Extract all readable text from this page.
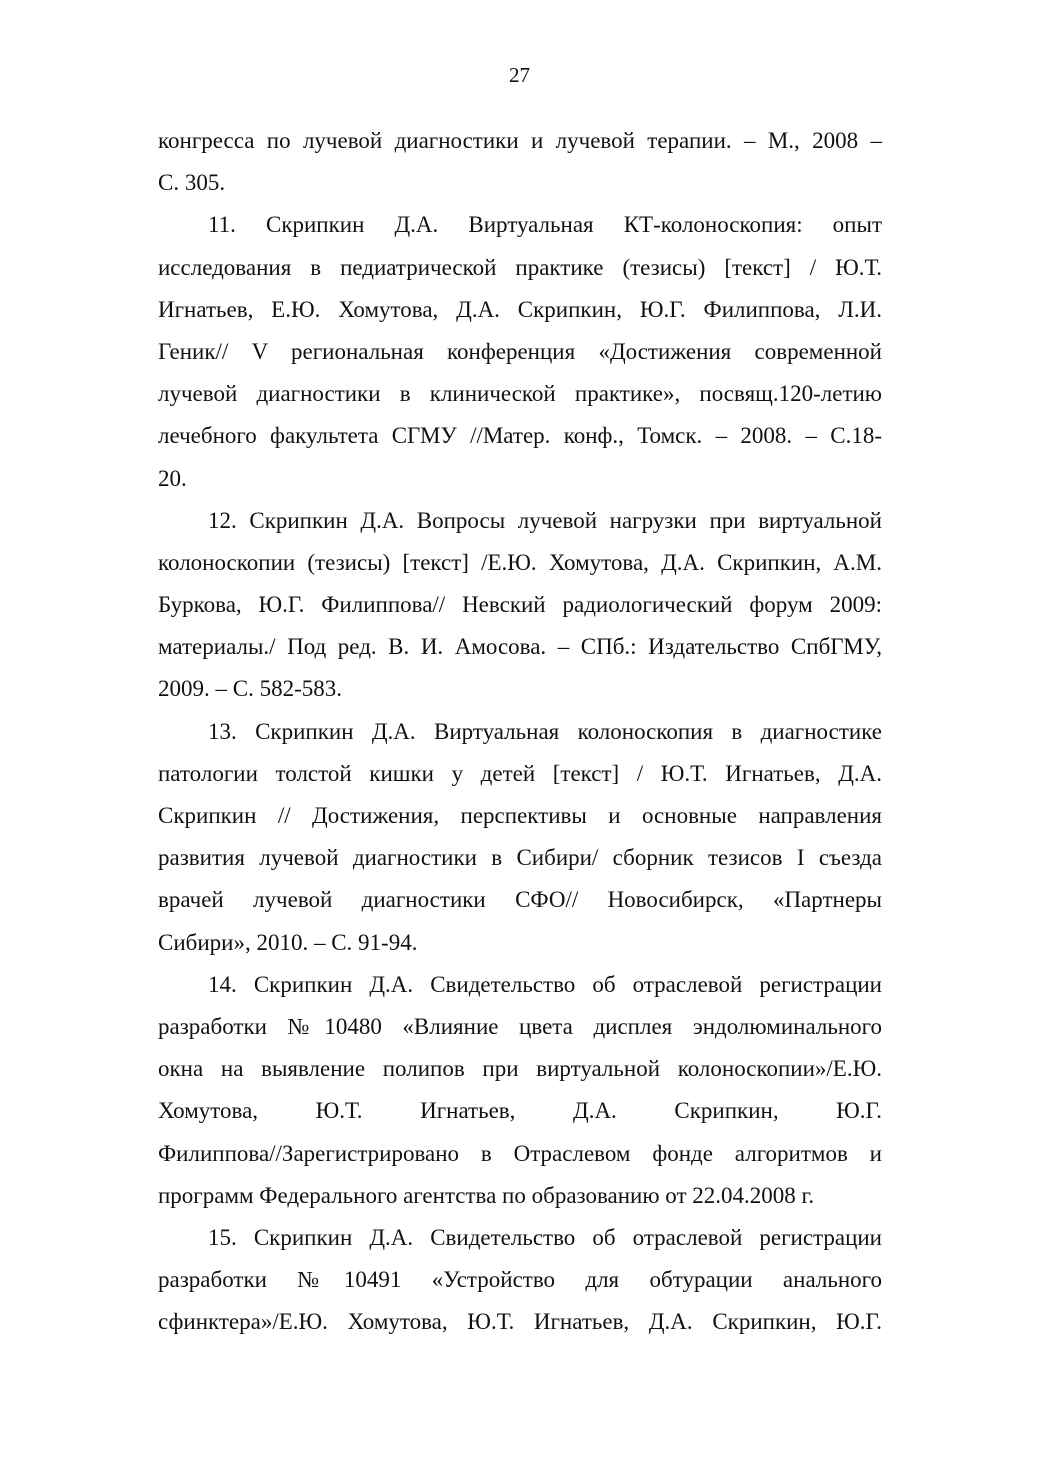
27
конгресса по лучевой диагностики и лучевой терапии. – М., 2008 –
С. 305.
11. Скрипкин Д.А. Виртуальная КТ-колоноскопия: опыт
исследования в педиатрической практике (тезисы) [текст] / Ю.Т.
Игнатьев, Е.Ю. Хомутова, Д.А. Скрипкин, Ю.Г. Филиппова, Л.И.
Геник// V региональная конференция «Достижения современной
лучевой диагностики в клинической практике», посвящ.120-летию
лечебного факультета СГМУ //Матер. конф., Томск. – 2008. – С.18-
20.
12. Скрипкин Д.А. Вопросы лучевой нагрузки при виртуальной
колоноскопии (тезисы) [текст] /Е.Ю. Хомутова, Д.А. Скрипкин, А.М.
Буркова, Ю.Г. Филиппова// Невский радиологический форум 2009:
материалы./ Под ред. В. И. Амосова. – СПб.: Издательство СпбГМУ,
2009. – С. 582-583.
13. Скрипкин Д.А. Виртуальная колоноскопия в диагностике
патологии толстой кишки у детей [текст] / Ю.Т. Игнатьев, Д.А.
Скрипкин // Достижения, перспективы и основные направления
развития лучевой диагностики в Сибири/ сборник тезисов I съезда
врачей лучевой диагностики СФО// Новосибирск, «Партнеры
Сибири», 2010. – С. 91-94.
14. Скрипкин Д.А. Свидетельство об отраслевой регистрации
разработки №10480 «Влияние цвета дисплея эндолюминального
окна на выявление полипов при виртуальной колоноскопии»/Е.Ю.
Хомутова, Ю.Т. Игнатьев, Д.А. Скрипкин, Ю.Г.
Филиппова//Зарегистрировано в Отраслевом фонде алгоритмов и
программ Федерального агентства по образованию от 22.04.2008 г.
15. Скрипкин Д.А. Свидетельство об отраслевой регистрации
разработки №10491 «Устройство для обтурации анального
сфинктера»/Е.Ю. Хомутова, Ю.Т. Игнатьев, Д.А. Скрипкин, Ю.Г.
